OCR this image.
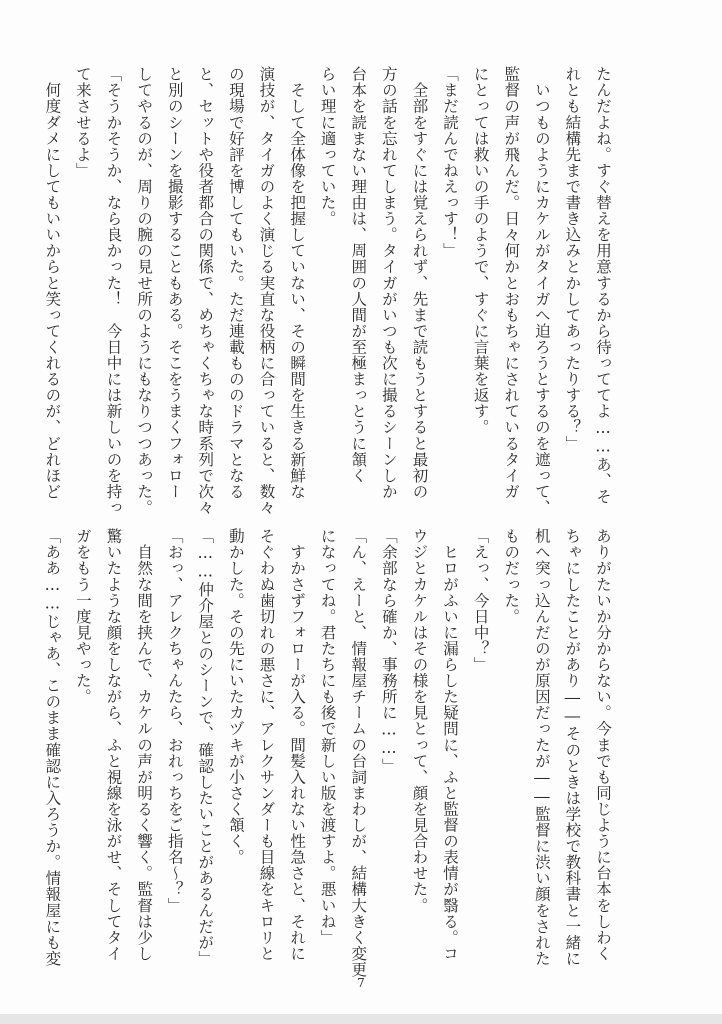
たんだよね。すぐ替えを用意するから待っててよ……あ、そ
れとも結構先まで書き込みとかしてあったりする？」
　いつものようにカケルがタイガへ迫ろうとするのを遮って、
監督の声が飛んだ。日々何かとおもちゃにされているタイガ
にとっては救いの手のようで、すぐに言葉を返す。
「まだ読んでねえっす！」
　全部をすぐには覚えられず、先まで読もうとすると最初の
方の話を忘れてしまう。タイガがいつも次に撮るシーンしか
台本を読まない理由は、周囲の人間が至極まっとうに頷く
らい理に適っていた。
　そして全体像を把握していない、その瞬間を生きる新鮮な
演技が、タイガのよく演じる実直な役柄に合っていると、数々
の現場で好評を博してもいた。ただ連載もののドラマとなる
と、セットや役者都合の関係で、めちゃくちゃな時系列で次々
と別のシーンを撮影することもある。そこをうまくフォロー
してやるのが、周りの腕の見せ所のようにもなりつつあった。
「そうかそうか、なら良かった！　今日中には新しいのを持っ
て来させるよ」
　何度ダメにしてもいいからと笑ってくれるのが、どれほど
ありがたいか分からない。今までも同じように台本をしわく
ちゃにしたことがあり――そのときは学校で教科書と一緒に
机へ突っ込んだのが原因だったが――監督に渋い顔をされた
ものだった。
「えっ、今日中？」
　ヒロがふいに漏らした疑問に、ふと監督の表情が翳る。コ
ウジとカケルはその様を見とって、顔を見合わせた。
「余部なら確か、事務所に……」
「ん、えーと、情報屋チームの台詞まわしが、結構大きく変更
になってね。君たちにも後で新しい版を渡すよ。悪いね」
　すかさずフォローが入る。間髪入れない性急さと、それに
そぐわぬ歯切れの悪さに、アレクサンダーも目線をキロリと
動かした。その先にいたカヅキが小さく頷く。
「……仲介屋とのシーンで、確認したいことがあるんだが」
「おっ、アレクちゃんたら、おれっちをご指名～？」
　自然な間を挟んで、カケルの声が明るく響く。監督は少し
驚いたような顔をしながら、ふと視線を泳がせ、そしてタイ
ガをもう一度見やった。
「ああ……じゃあ、このまま確認に入ろうか。情報屋にも変
7
